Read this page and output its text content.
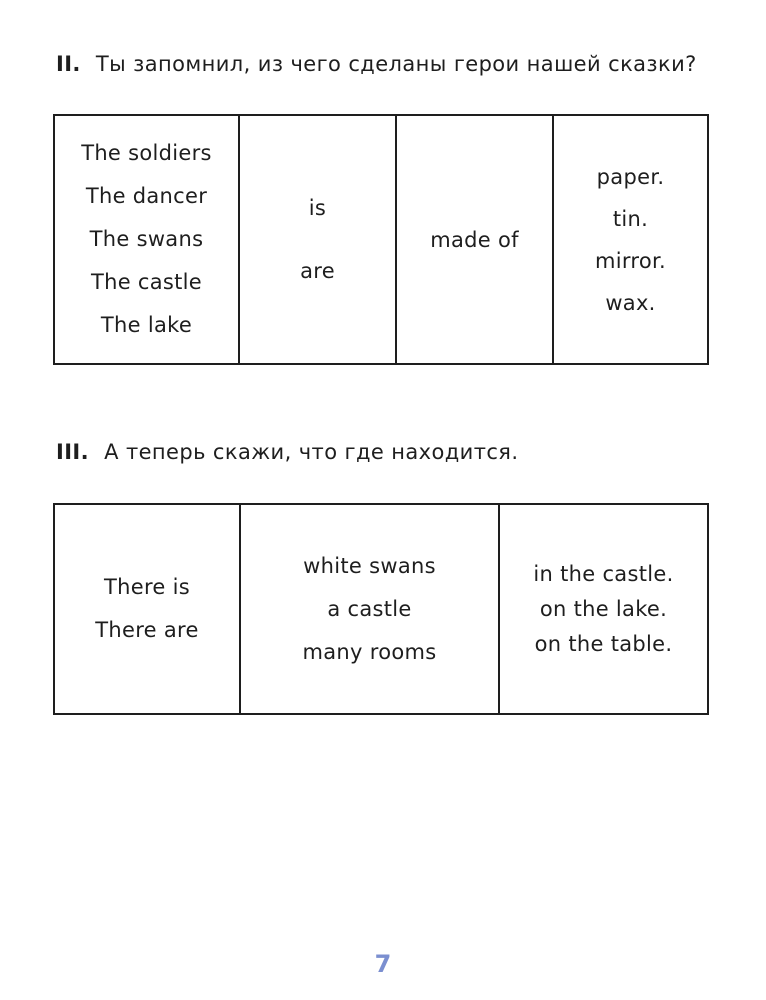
II. Ты запомнил, из чего сделаны герои нашей сказки?
The soldiers
The dancer
The swans
The castle
The lake
is
are
made of
paper.
tin.
mirror.
wax.
III. А теперь скажи, что где находится.
There is
There are
white swans
a castle
many rooms
in the castle.
on the lake.
on the table.
7
